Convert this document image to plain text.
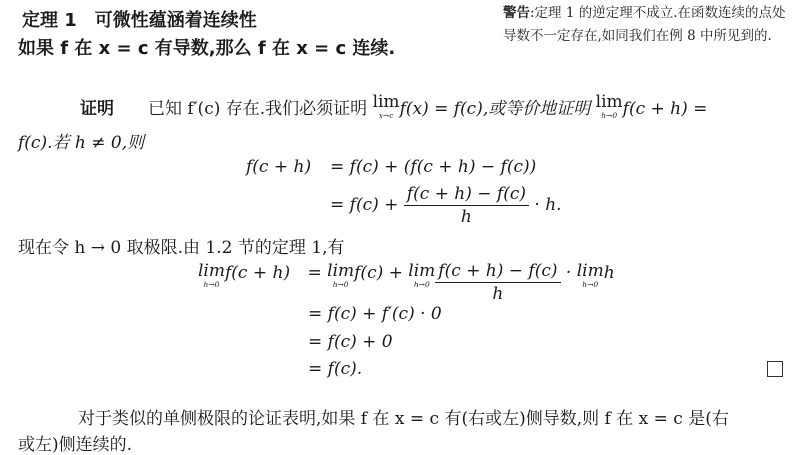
定理 1 可微性蕴涵着连续性
如果 f 在 x = c 有导数,那么 f 在 x = c 连续.
警告:定理 1 的逆定理不成立.在函数连续的点处导数不一定存在,如同我们在例 8 中所见到的.
证明 已知 f′(c) 存在.我们必须证明 lim
x→c f(x) = f(c),或等价地证明 lim
h→0 f(c + h) =
f(c).若 h ≠ 0,则
f(c + h) = f(c) + (f(c + h) − f(c))
= $f(c) + \frac{f(c + h) - f(c)}{h} \cdot h$.
现在令 h → 0 取极限.由 1.2 节的定理 1,有
lim
h→0
f(c + h) = lim
h→0
f(c) + lim
$h\to 0 \frac{f(c + h) - f(c)}{h} \cdot \lim$
h→0
h
= f(c) + f′(c) · 0
= f(c) + 0
= f(c).
对于类似的单侧极限的论证表明,如果 f 在 x = c 有(右或左)侧导数,则 f 在 x = c 是(右
或左)侧连续的.
